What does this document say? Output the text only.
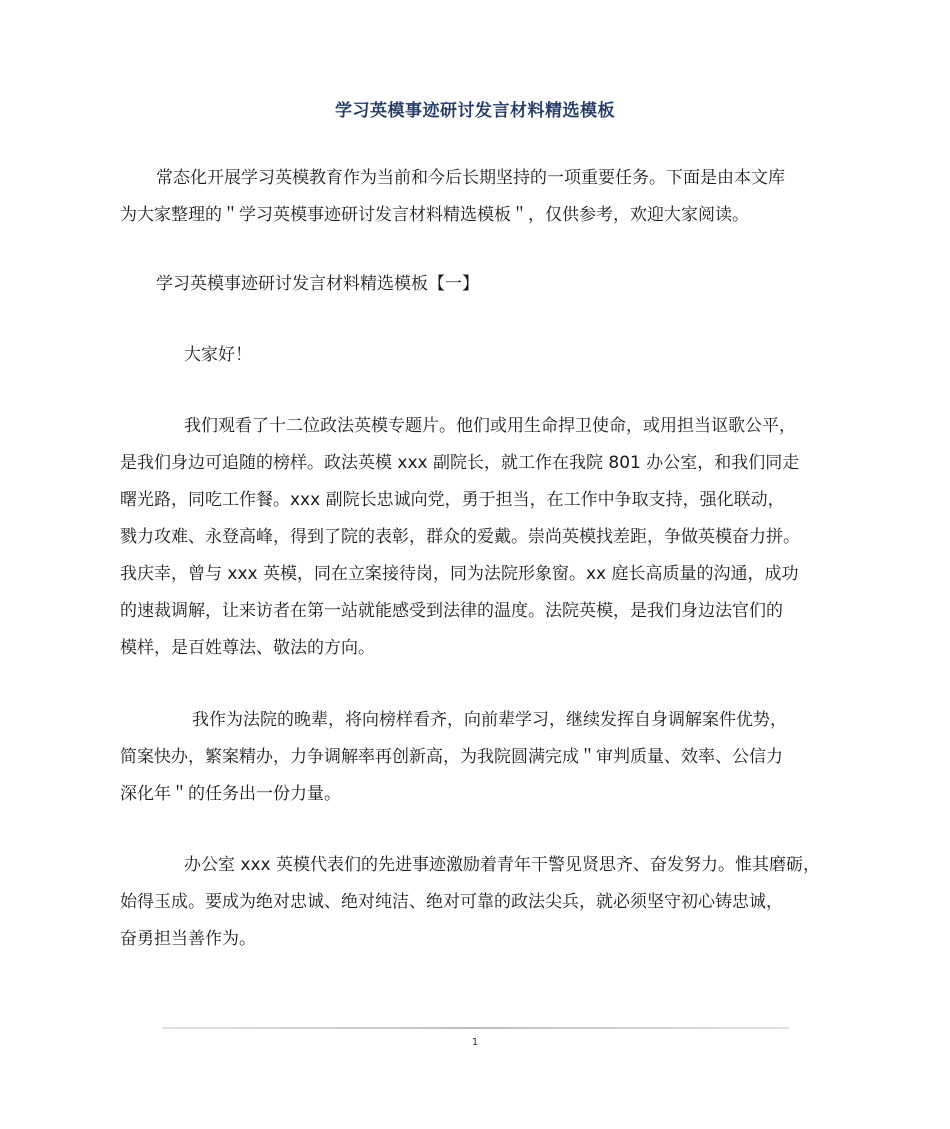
学习英模事迹研讨发言材料精选模板

常态化开展学习英模教育作为当前和今后长期坚持的一项重要任务。下面是由本文库
为大家整理的＂学习英模事迹研讨发言材料精选模板＂，仅供参考，欢迎大家阅读。

学习英模事迹研讨发言材料精选模板【一】

大家好！

我们观看了十二位政法英模专题片。他们或用生命捍卫使命，或用担当讴歌公平，
是我们身边可追随的榜样。政法英模 xxx 副院长，就工作在我院 801 办公室，和我们同走
曙光路，同吃工作餐。xxx 副院长忠诚向党，勇于担当，在工作中争取支持，强化联动，
戮力攻难、永登高峰，得到了院的表彰，群众的爱戴。崇尚英模找差距，争做英模奋力拼。
我庆幸，曾与 xxx 英模，同在立案接待岗，同为法院形象窗。xx 庭长高质量的沟通，成功
的速裁调解，让来访者在第一站就能感受到法律的温度。法院英模，是我们身边法官们的
模样，是百姓尊法、敬法的方向。

我作为法院的晚辈，将向榜样看齐，向前辈学习，继续发挥自身调解案件优势，
简案快办，繁案精办，力争调解率再创新高，为我院圆满完成＂审判质量、效率、公信力
深化年＂的任务出一份力量。

办公室 xxx 英模代表们的先进事迹激励着青年干警见贤思齐、奋发努力。惟其磨砺，
始得玉成。要成为绝对忠诚、绝对纯洁、绝对可靠的政法尖兵，就必须坚守初心铸忠诚，
奋勇担当善作为。

1
